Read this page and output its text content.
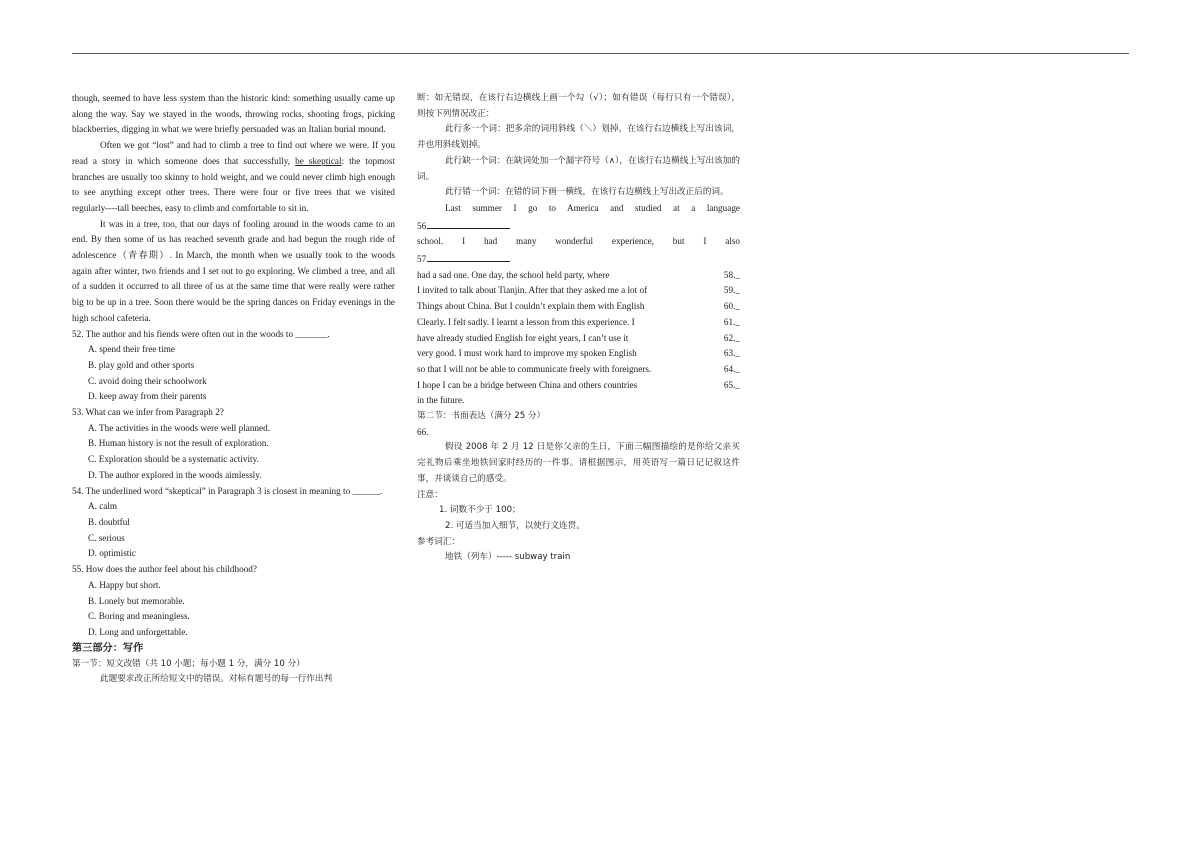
though, seemed to have less system than the historic kind: something usually came up along the way. Say we stayed in the woods, throwing rocks, shooting frogs, picking blackberries, digging in what we were briefly persuaded was an Italian burial mound.

Often we got “lost” and had to climb a tree to find out where we were. If you read a story in which someone does that successfully, be skeptical: the topmost branches are usually too skinny to hold weight, and we could never climb high enough to see anything except other trees. There were four or five trees that we visited regularly----tall beeches, easy to climb and comfortable to sit in.

It was in a tree, too, that our days of fooling around in the woods came to an end. By then some of us has reached seventh grade and had begun the rough ride of adolescence（青春期）. In March, the month when we usually took to the woods again after winter, two friends and I set out to go exploring. We climbed a tree, and all of a sudden it occurred to all three of us at the same time that were really were rather big to be up in a tree. Soon there would be the spring dances on Friday evenings in the high school cafeteria.

52. The author and his fiends were often out in the woods to _______.

A. spend their free time

B. play gold and other sports

C. avoid doing their schoolwork

D. keep away from their parents

53. What can we infer from Paragraph 2?

A. The activities in the woods were well planned.

B. Human history is not the result of exploration.

C. Exploration should be a systematic activity.

D. The author explored in the woods aimlessly.

54. The underlined word “skeptical” in Paragraph 3 is closest in meaning to ______.

A. calm

B. doubtful

C. serious

D. optimistic

55. How does the author feel about his childhood?

A. Happy but short.

B. Lonely but memorable.

C. Boring and meaningless.

D. Long and unforgettable.

第三部分：写作

第一节：短文改错（共 10 小题；每小题 1 分，满分 10 分）

此题要求改正所给短文中的错误。对标有题号的每一行作出判

断：如无错误，在该行右边横线上画一个勾（√）；如有错误（每行只有一个错误），则按下列情况改正：

此行多一个词：把多余的词用斜线（＼）划掉，在该行右边横线上写出该词，并也用斜线划掉。

此行缺一个词：在缺词处加一个漏字符号（∧），在该行右边横线上写出该加的词。

此行错一个词：在错的词下画一横线，在该行右边横线上写出改正后的词。

Last summer I go to America and studied at a language

56.

school. I had many wonderful experience, but I also

57.

had a sad one. One day, the school held party, where	58._
I invited to talk about Tianjin. After that they asked me a lot of	59._
Things about China. But I couldn’t explain them with English	60._
Clearly. I felt sadly. I learnt a lesson from this experience. I	61._
have already studied English for eight years, I can’t use it	62._
very good. I must work hard to improve my spoken English	63._
so that I will not be able to communicate freely with foreigners.	64._
I hope I can be a bridge between China and others countries	65._

in the future.

第二节：书面表达（满分 25 分）

66.

假设 2008 年 2 月 12 日是你父亲的生日，下面三幅图描绘的是你给父亲买完礼物后乘坐地铁回家时经历的一件事。请根据图示，用英语写一篇日记记叙这件事，并谈谈自己的感受。

注意：

1. 词数不少于 100；

2. 可适当加入细节，以使行文连贯。

参考词汇：

地铁（列车）----- subway train
